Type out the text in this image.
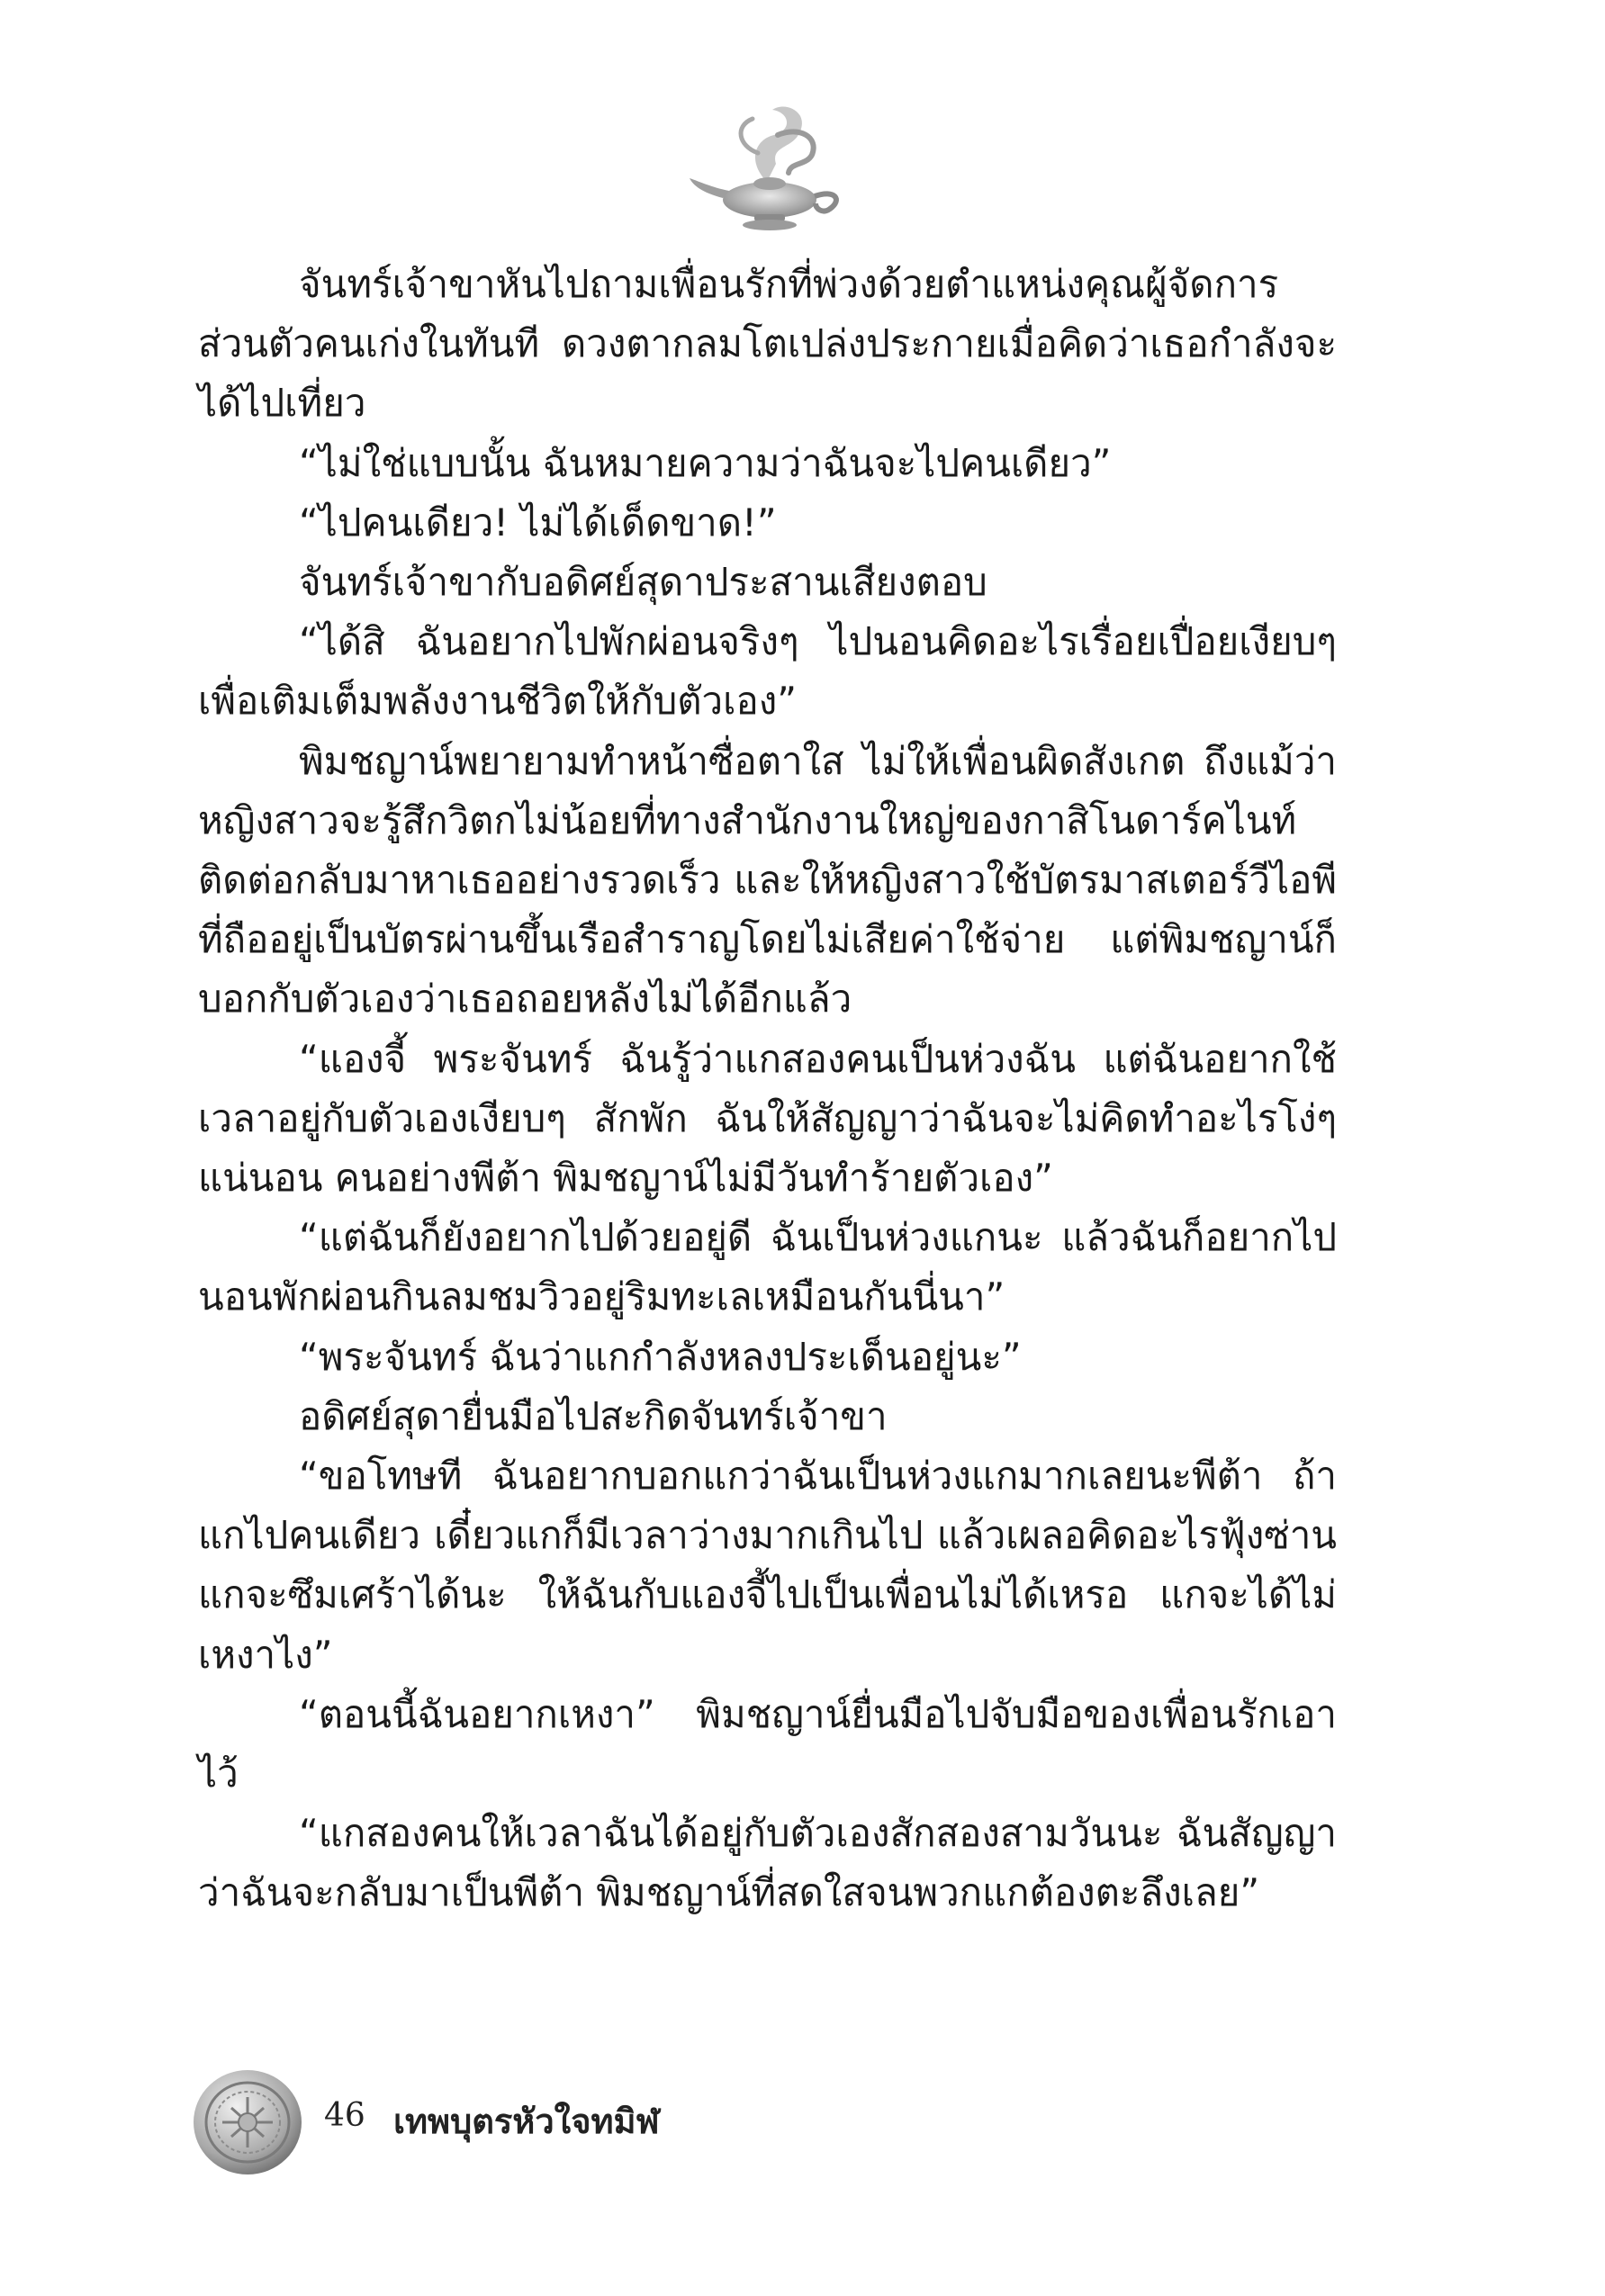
จันทร์เจ้าขาหันไปถามเพื่อนรักที่พ่วงด้วยตำแหน่งคุณผู้จัดการส่วนตัวคนเก่งในทันที ดวงตากลมโตเปล่งประกายเมื่อคิดว่าเธอกำลังจะได้ไปเที่ยว

“ไม่ใช่แบบนั้น ฉันหมายความว่าฉันจะไปคนเดียว”

“ไปคนเดียว! ไม่ได้เด็ดขาด!”

จันทร์เจ้าขากับอดิศย์สุดาประสานเสียงตอบ

“ได้สิ ฉันอยากไปพักผ่อนจริงๆ ไปนอนคิดอะไรเรื่อยเปื่อยเงียบๆ เพื่อเติมเต็มพลังงานชีวิตให้กับตัวเอง”

พิมชญาน์พยายามทำหน้าซื่อตาใส ไม่ให้เพื่อนผิดสังเกต ถึงแม้ว่าหญิงสาวจะรู้สึกวิตกไม่น้อยที่ทางสำนักงานใหญ่ของกาสิโนดาร์คไนท์ติดต่อกลับมาหาเธออย่างรวดเร็ว และให้หญิงสาวใช้บัตรมาสเตอร์วีไอพีที่ถืออยู่เป็นบัตรผ่านขึ้นเรือสำราญโดยไม่เสียค่าใช้จ่าย แต่พิมชญาน์ก็บอกกับตัวเองว่าเธอถอยหลังไม่ได้อีกแล้ว

“แองจี้ พระจันทร์ ฉันรู้ว่าแกสองคนเป็นห่วงฉัน แต่ฉันอยากใช้เวลาอยู่กับตัวเองเงียบๆ สักพัก ฉันให้สัญญาว่าฉันจะไม่คิดทำอะไรโง่ๆ แน่นอน คนอย่างพีต้า พิมชญาน์ไม่มีวันทำร้ายตัวเอง”

“แต่ฉันก็ยังอยากไปด้วยอยู่ดี ฉันเป็นห่วงแกนะ แล้วฉันก็อยากไปนอนพักผ่อนกินลมชมวิวอยู่ริมทะเลเหมือนกันนี่นา”

“พระจันทร์ ฉันว่าแกกำลังหลงประเด็นอยู่นะ”

อดิศย์สุดายื่นมือไปสะกิดจันทร์เจ้าขา

“ขอโทษที ฉันอยากบอกแกว่าฉันเป็นห่วงแกมากเลยนะพีต้า ถ้าแกไปคนเดียว เดี๋ยวแกก็มีเวลาว่างมากเกินไป แล้วเผลอคิดอะไรฟุ้งซ่าน แกจะซึมเศร้าได้นะ ให้ฉันกับแองจี้ไปเป็นเพื่อนไม่ได้เหรอ แกจะได้ไม่เหงาไง”

“ตอนนี้ฉันอยากเหงา” พิมชญาน์ยื่นมือไปจับมือของเพื่อนรักเอาไว้

“แกสองคนให้เวลาฉันได้อยู่กับตัวเองสักสองสามวันนะ ฉันสัญญาว่าฉันจะกลับมาเป็นพีต้า พิมชญาน์ที่สดใสจนพวกแกต้องตะลึงเลย”

46 เทพบุตรหัวใจทมิฬ
